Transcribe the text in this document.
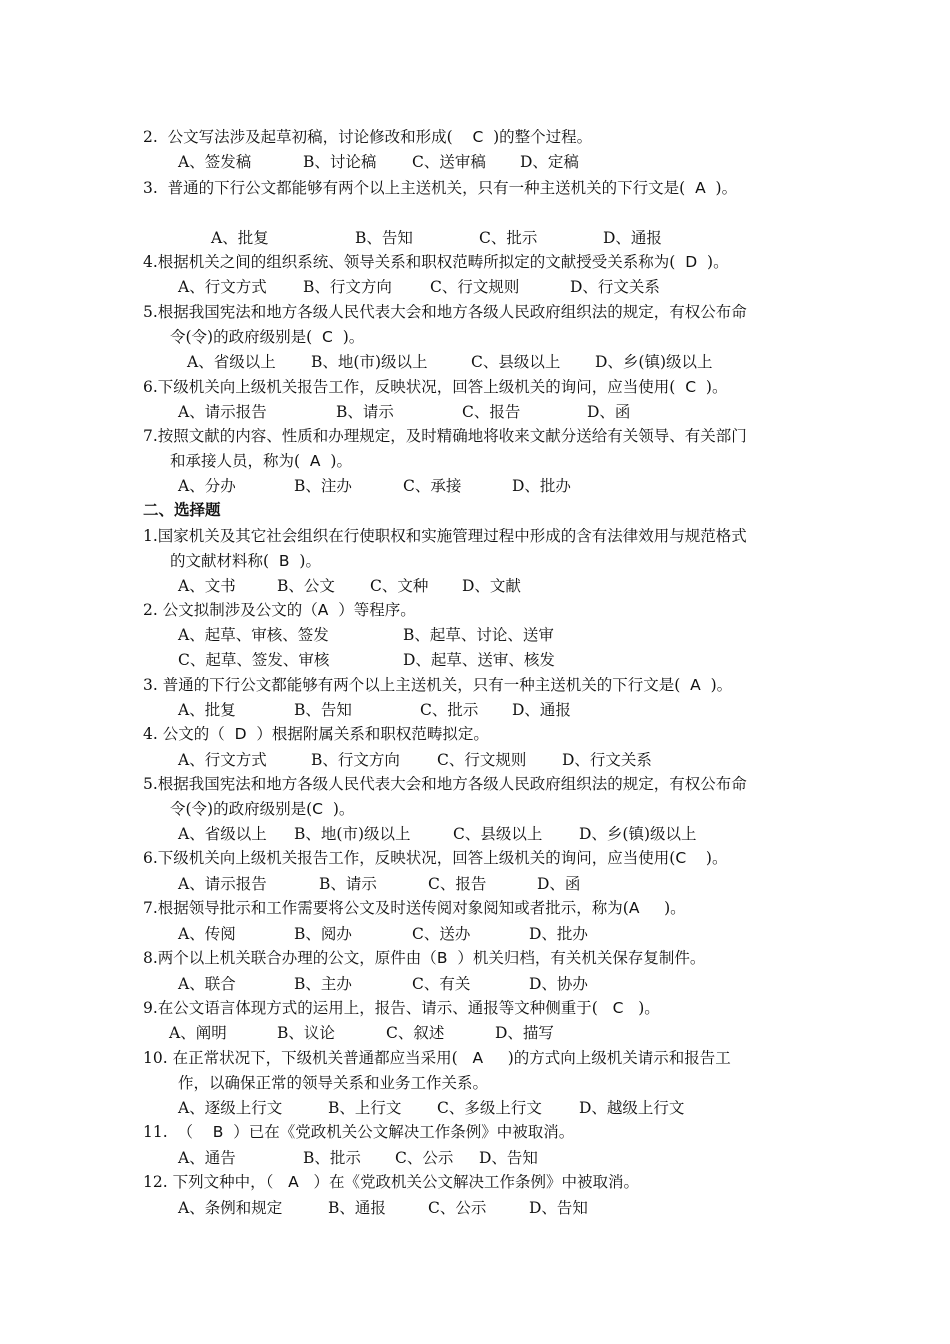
2. 公文写法涉及起草初稿，讨论修改和形成( C )的整个过程。
A、签发稿	B、讨论稿 C、送审稿 D、定稿
3. 普通的下行公文都能够有两个以上主送机关，只有一种主送机关的下行文是( A )。
A、批复	B、告知	C、批示	D、通报
4.根据机关之间的组织系统、领导关系和职权范畴所拟定的文献授受关系称为( D )。
A、行文方式 B、行文方向 C、行文规则	D、行文关系
5.根据我国宪法和地方各级人民代表大会和地方各级人民政府组织法的规定，有权公布命
令(令)的政府级别是( C )。
A、省级以上 B、地(市)级以上	C、县级以上 D、乡(镇)级以上
6.下级机关向上级机关报告工作，反映状况，回答上级机关的询问，应当使用( C )。
A、请示报告	B、请示	C、报告	D、函
7.按照文献的内容、性质和办理规定，及时精确地将收来文献分送给有关领导、有关部门
和承接人员，称为( A )。
A、分办	B、注办	C、承接	D、批办
二、选择题
1.国家机关及其它社会组织在行使职权和实施管理过程中形成的含有法律效用与规范格式
的文献材料称( B )。
A、文书	B、公文 C、文种 D、文献
2. 公文拟制涉及公文的（A ）等程序。
A、起草、审核、签发	B、起草、讨论、送审
C、起草、签发、审核	D、起草、送审、核发
3. 普通的下行公文都能够有两个以上主送机关，只有一种主送机关的下行文是( A )。
A、批复	B、告知	C、批示 D、通报
4. 公文的（ D ）根据附属关系和职权范畴拟定。
A、行文方式	B、行文方向 C、行文规则 D、行文关系
5.根据我国宪法和地方各级人民代表大会和地方各级人民政府组织法的规定，有权公布命
令(令)的政府级别是(C )。
A、省级以上 B、地(市)级以上	C、县级以上 D、乡(镇)级以上
6.下级机关向上级机关报告工作，反映状况，回答上级机关的询问，应当使用(C )。
A、请示报告	B、请示	C、报告	D、函
7.根据领导批示和工作需要将公文及时送传阅对象阅知或者批示，称为(A )。
A、传阅	B、阅办	C、送办	D、批办
8.两个以上机关联合办理的公文，原件由（B ）机关归档，有关机关保存复制件。
A、联合	B、主办	C、有关	D、协办
9.在公文语言体现方式的运用上，报告、请示、通报等文种侧重于( C )。
A、阐明	B、议论	C、叙述	D、描写
10. 在正常状况下，下级机关普通都应当采用( A )的方式向上级机关请示和报告工
作，以确保正常的领导关系和业务工作关系。
A、逐级上行文	B、上行文 C、多级上行文 D、越级上行文
11. （ B ）已在《党政机关公文解决工作条例》中被取消。
A、通告	B、批示 C、公示 D、告知
12. 下列文种中，（ A ）在《党政机关公文解决工作条例》中被取消。
A、条例和规定	B、通报	C、公示	D、告知
